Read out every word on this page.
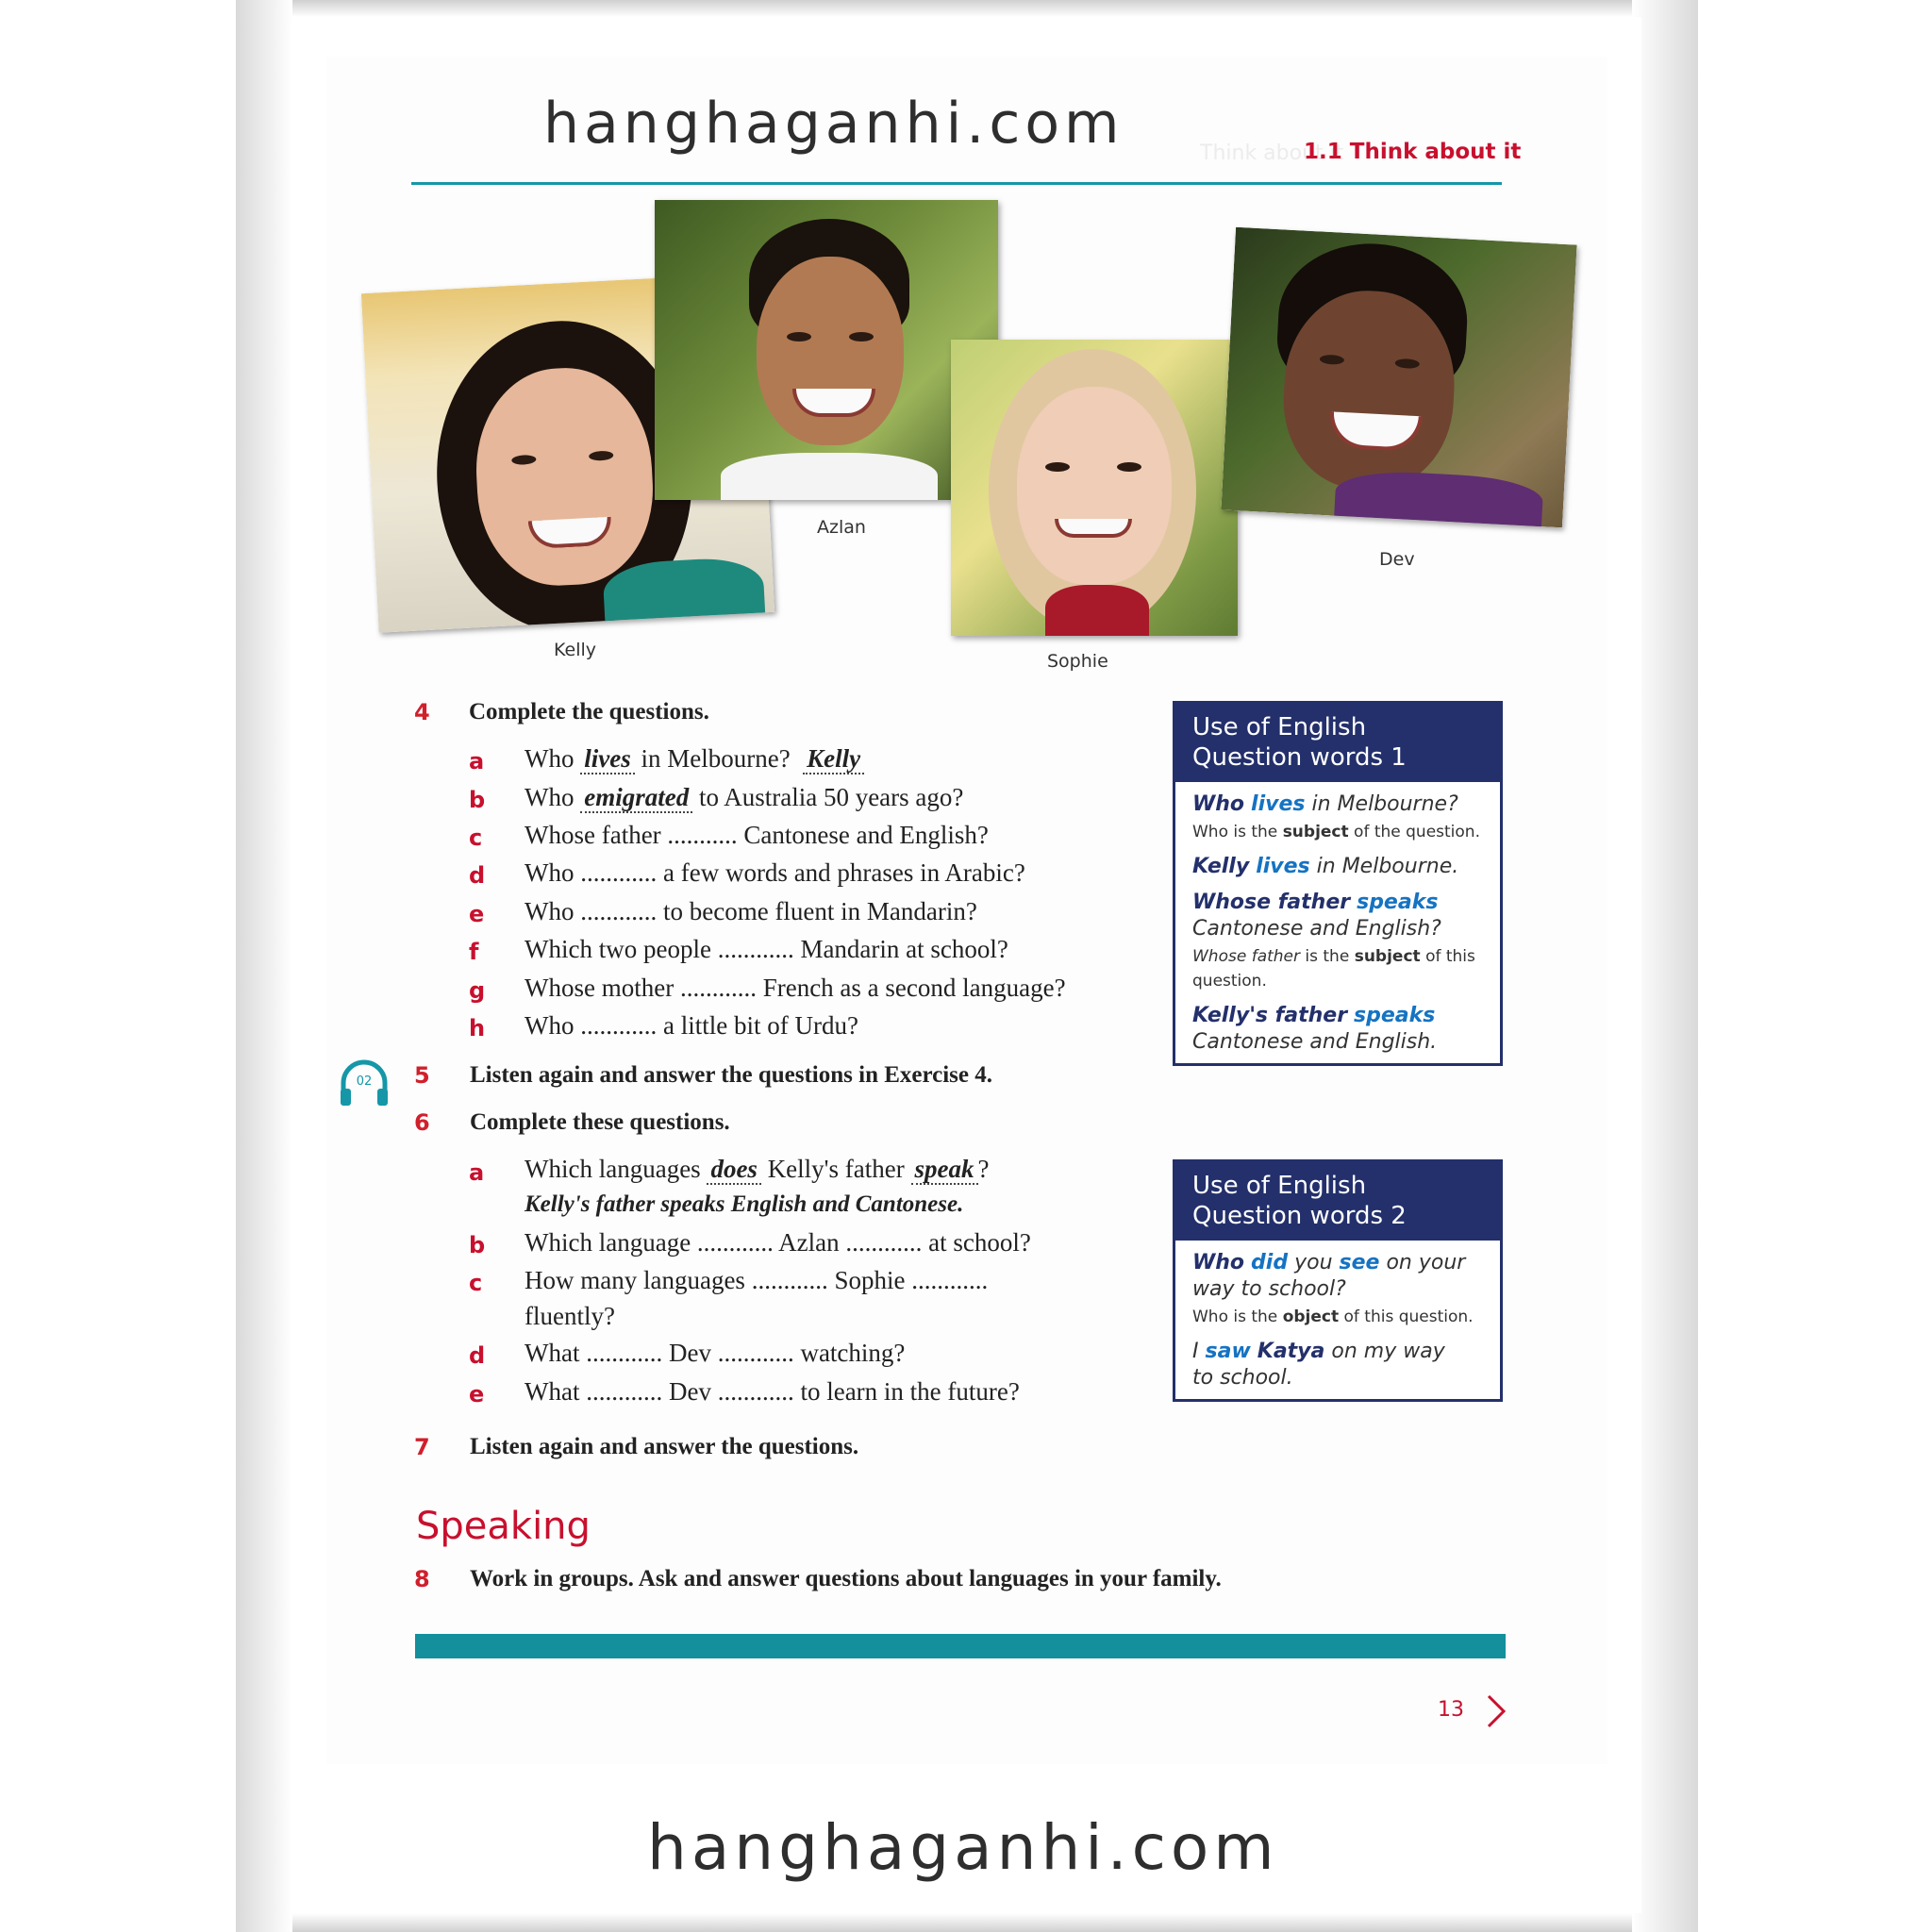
hanghaganhi.com	Think about it
1.1 Think about it
Kelly
Azlan
Sophie
Dev
4 Complete the questions.
a Who lives in Melbourne? Kelly
b Who emigrated to Australia 50 years ago?
c Whose father ........... Cantonese and English?
d Who ............ a few words and phrases in Arabic?
e Who ............ to become fluent in Mandarin?
f Which two people ............ Mandarin at school?
g Whose mother ............ French as a second language?
h Who ............ a little bit of Urdu?
02 5 Listen again and answer the questions in Exercise 4.
6 Complete these questions.
a Which languages does Kelly's father speak ?
Kelly's father speaks English and Cantonese.
b Which language ............ Azlan ............ at school?
c How many languages ............ Sophie ............
fluently?
d What ............ Dev ............ watching?
e What ............ Dev ............ to learn in the future?
7 Listen again and answer the questions.
Speaking
8 Work in groups. Ask and answer questions about languages in your family.
Use of English
Question words 1

Who lives in Melbourne?

Who is the subject of the question.

Kelly lives in Melbourne.

Whose father speaks
Cantonese and English?

Whose father is the subject of this question.

Kelly's father speaks
Cantonese and English.

Use of English
Question words 2

Who did you see on your
way to school?

Who is the object of this question.

I saw Katya on my way
to school.

13
hanghaganhi.com
